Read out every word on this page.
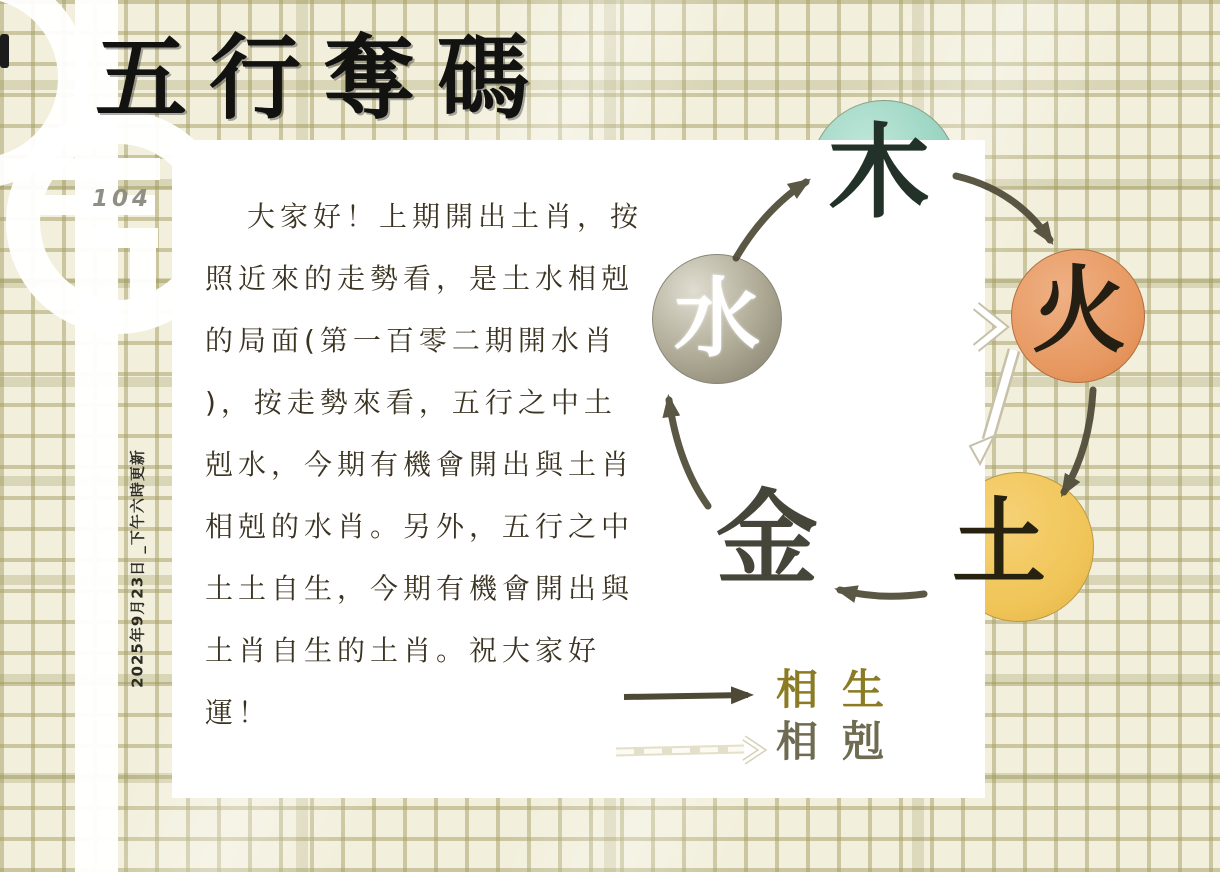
104
五行奪碼
2025年9月23日 _下午六時更新
大家好！上期開出土肖，按
照近來的走勢看，是土水相剋
的局面(第一百零二期開水肖
)，按走勢來看，五行之中土
剋水，今期有機會開出與土肖
相剋的水肖。另外，五行之中
土土自生，今期有機會開出與
土肖自生的土肖。祝大家好
運！
木
火
土
金
水
相生
相剋
